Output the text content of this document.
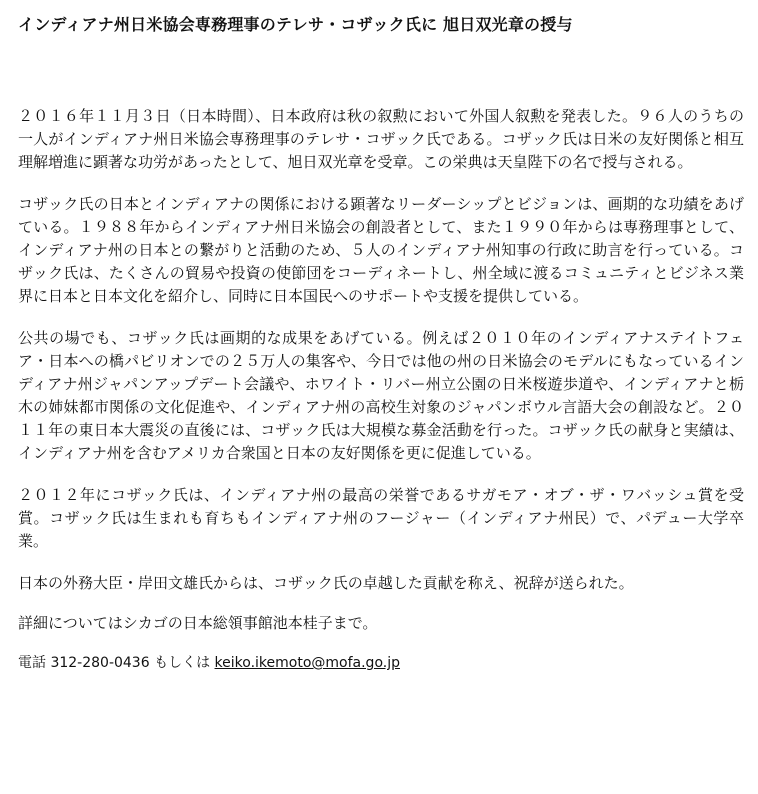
インディアナ州日米協会専務理事のテレサ・コザック氏に 旭日双光章の授与

２０１６年１１月３日（日本時間）、日本政府は秋の叙勲において外国人叙勲を発表した。９６人のうちの一人がインディアナ州日米協会専務理事のテレサ・コザック氏である。コザック氏は日米の友好関係と相互理解増進に顕著な功労があったとして、旭日双光章を受章。この栄典は天皇陛下の名で授与される。

コザック氏の日本とインディアナの関係における顕著なリーダーシップとビジョンは、画期的な功績をあげている。１９８８年からインディアナ州日米協会の創設者として、また１９９０年からは専務理事として、インディアナ州の日本との繋がりと活動のため、５人のインディアナ州知事の行政に助言を行っている。コザック氏は、たくさんの貿易や投資の使節団をコーディネートし、州全域に渡るコミュニティとビジネス業界に日本と日本文化を紹介し、同時に日本国民へのサポートや支援を提供している。

公共の場でも、コザック氏は画期的な成果をあげている。例えば２０１０年のインディアナステイトフェア・日本への橋パビリオンでの２５万人の集客や、今日では他の州の日米協会のモデルにもなっているインディアナ州ジャパンアップデート会議や、ホワイト・リバー州立公園の日米桜遊歩道や、インディアナと栃木の姉妹都市関係の文化促進や、インディアナ州の高校生対象のジャパンボウル言語大会の創設など。２０１１年の東日本大震災の直後には、コザック氏は大規模な募金活動を行った。コザック氏の献身と実績は、インディアナ州を含むアメリカ合衆国と日本の友好関係を更に促進している。

２０１２年にコザック氏は、インディアナ州の最高の栄誉であるサガモア・オブ・ザ・ワバッシュ賞を受賞。コザック氏は生まれも育ちもインディアナ州のフージャー（インディアナ州民）で、パデュー大学卒業。

日本の外務大臣・岸田文雄氏からは、コザック氏の卓越した貢献を称え、祝辞が送られた。

詳細についてはシカゴの日本総領事館池本桂子まで。

電話 312-280-0436 もしくは keiko.ikemoto@mofa.go.jp
